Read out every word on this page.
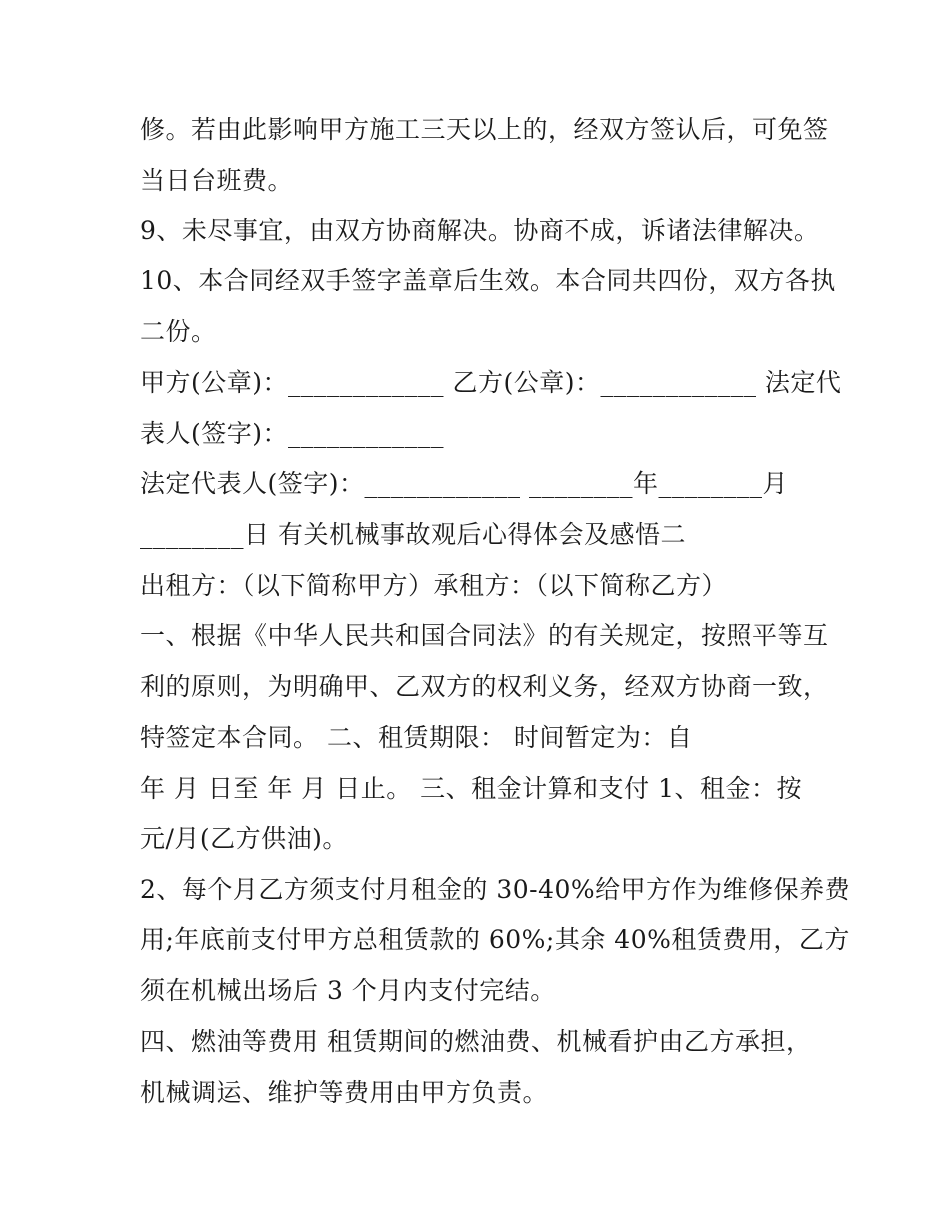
修。若由此影响甲方施工三天以上的，经双方签认后，可免签
当日台班费。
9、未尽事宜，由双方协商解决。协商不成，诉诸法律解决。
10、本合同经双手签字盖章后生效。本合同共四份，双方各执
二份。
甲方(公章)：____________ 乙方(公章)：____________ 法定代
表人(签字)：____________
法定代表人(签字)：____________ ________年________月
________日 有关机械事故观后心得体会及感悟二
出租方：（以下简称甲方）承租方：（以下简称乙方）
一、根据《中华人民共和国合同法》的有关规定，按照平等互
利的原则，为明确甲、乙双方的权利义务，经双方协商一致，
特签定本合同。 二、租赁期限： 时间暂定为：自
年 月 日至 年 月 日止。 三、租金计算和支付 1、租金：按
元/月(乙方供油)。
2、每个月乙方须支付月租金的 30-40%给甲方作为维修保养费
用;年底前支付甲方总租赁款的 60%;其余 40%租赁费用，乙方
须在机械出场后 3 个月内支付完结。
四、燃油等费用 租赁期间的燃油费、机械看护由乙方承担，
机械调运、维护等费用由甲方负责。
